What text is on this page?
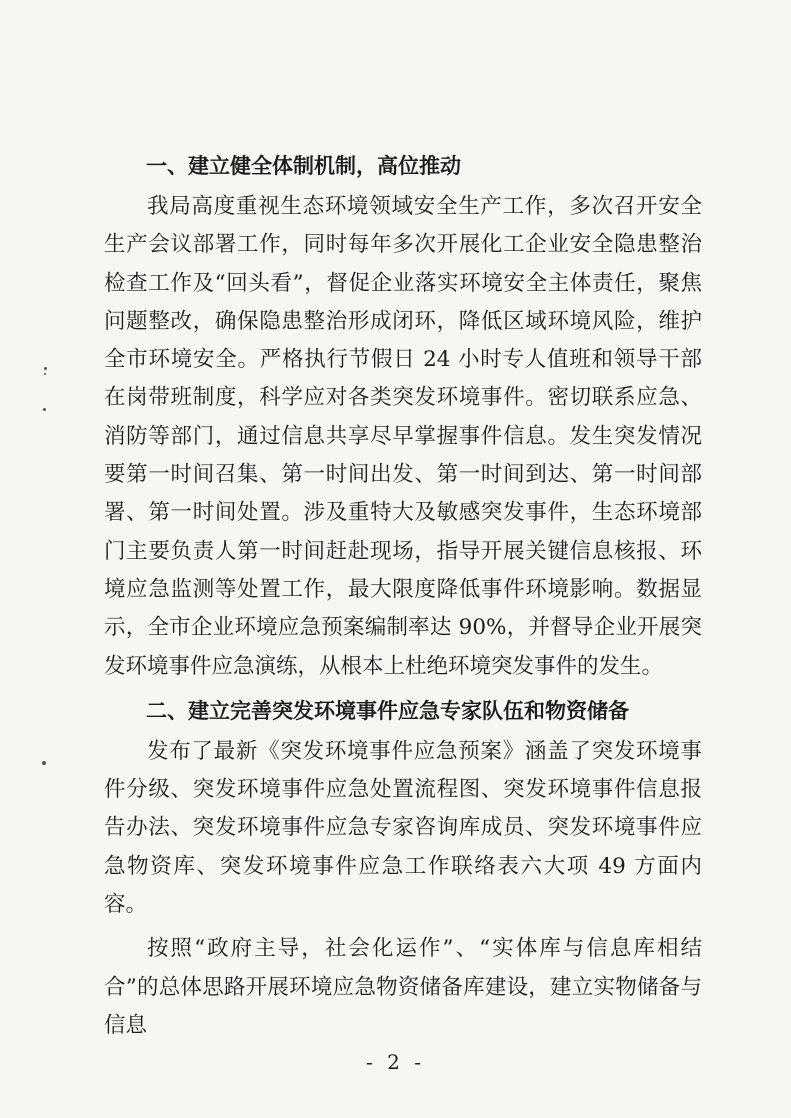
一、建立健全体制机制，高位推动

我局高度重视生态环境领域安全生产工作，多次召开安全生产会议部署工作，同时每年多次开展化工企业安全隐患整治检查工作及“回头看”，督促企业落实环境安全主体责任，聚焦问题整改，确保隐患整治形成闭环，降低区域环境风险，维护全市环境安全。严格执行节假日 24 小时专人值班和领导干部在岗带班制度，科学应对各类突发环境事件。密切联系应急、消防等部门，通过信息共享尽早掌握事件信息。发生突发情况要第一时间召集、第一时间出发、第一时间到达、第一时间部署、第一时间处置。涉及重特大及敏感突发事件，生态环境部门主要负责人第一时间赶赴现场，指导开展关键信息核报、环境应急监测等处置工作，最大限度降低事件环境影响。数据显示，全市企业环境应急预案编制率达 90%，并督导企业开展突发环境事件应急演练，从根本上杜绝环境突发事件的发生。

二、建立完善突发环境事件应急专家队伍和物资储备

发布了最新《突发环境事件应急预案》涵盖了突发环境事件分级、突发环境事件应急处置流程图、突发环境事件信息报告办法、突发环境事件应急专家咨询库成员、突发环境事件应急物资库、突发环境事件应急工作联络表六大项 49 方面内容。

按照“政府主导，社会化运作”、“实体库与信息库相结合”的总体思路开展环境应急物资储备库建设，建立实物储备与信息

- 2 -
